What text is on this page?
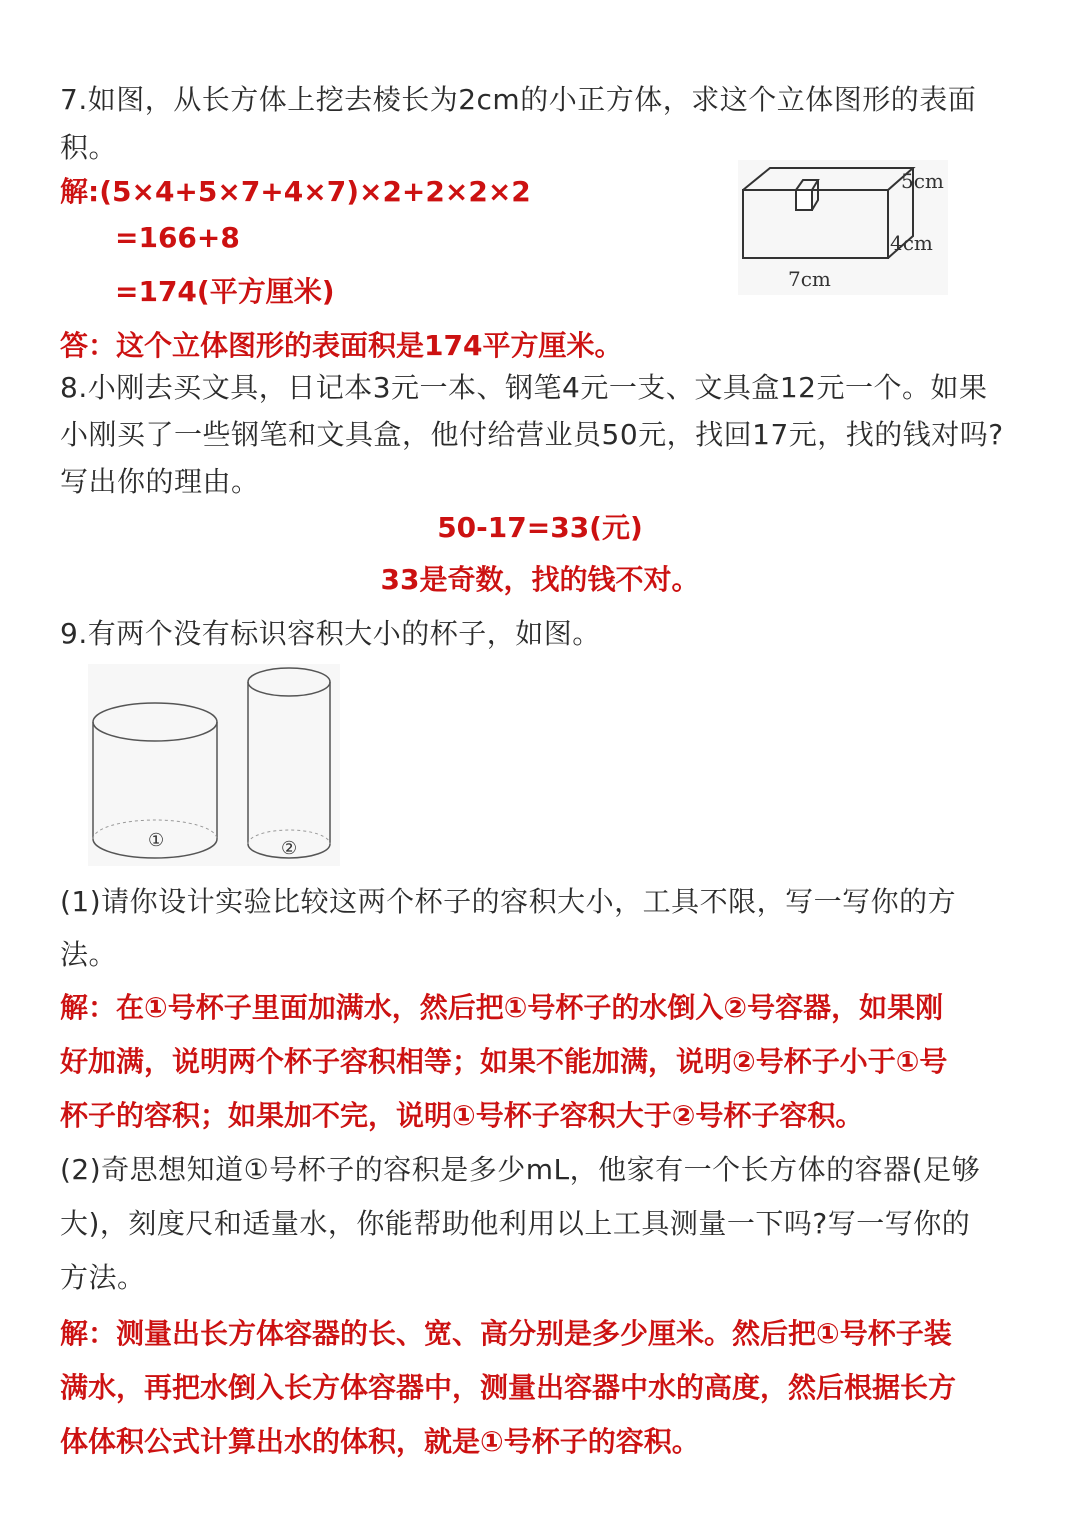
7.如图，从长方体上挖去棱长为2cm的小正方体，求这个立体图形的表面
积。
解:(5×4+5×7+4×7)×2+2×2×2
=166+8
=174(平方厘米)
答：这个立体图形的表面积是174平方厘米。
5cm
4cm
7cm
8.小刚去买文具，日记本3元一本、钢笔4元一支、文具盒12元一个。如果
小刚买了一些钢笔和文具盒，他付给营业员50元，找回17元，找的钱对吗?
写出你的理由。
50-17=33(元)
33是奇数，找的钱不对。
9.有两个没有标识容积大小的杯子，如图。
①	②
(1)请你设计实验比较这两个杯子的容积大小，工具不限，写一写你的方
法。
解：在①号杯子里面加满水，然后把①号杯子的水倒入②号容器，如果刚
好加满，说明两个杯子容积相等；如果不能加满，说明②号杯子小于①号
杯子的容积；如果加不完，说明①号杯子容积大于②号杯子容积。
(2)奇思想知道①号杯子的容积是多少mL，他家有一个长方体的容器(足够
大)，刻度尺和适量水，你能帮助他利用以上工具测量一下吗?写一写你的
方法。
解：测量出长方体容器的长、宽、高分别是多少厘米。然后把①号杯子装
满水，再把水倒入长方体容器中，测量出容器中水的高度，然后根据长方
体体积公式计算出水的体积，就是①号杯子的容积。
